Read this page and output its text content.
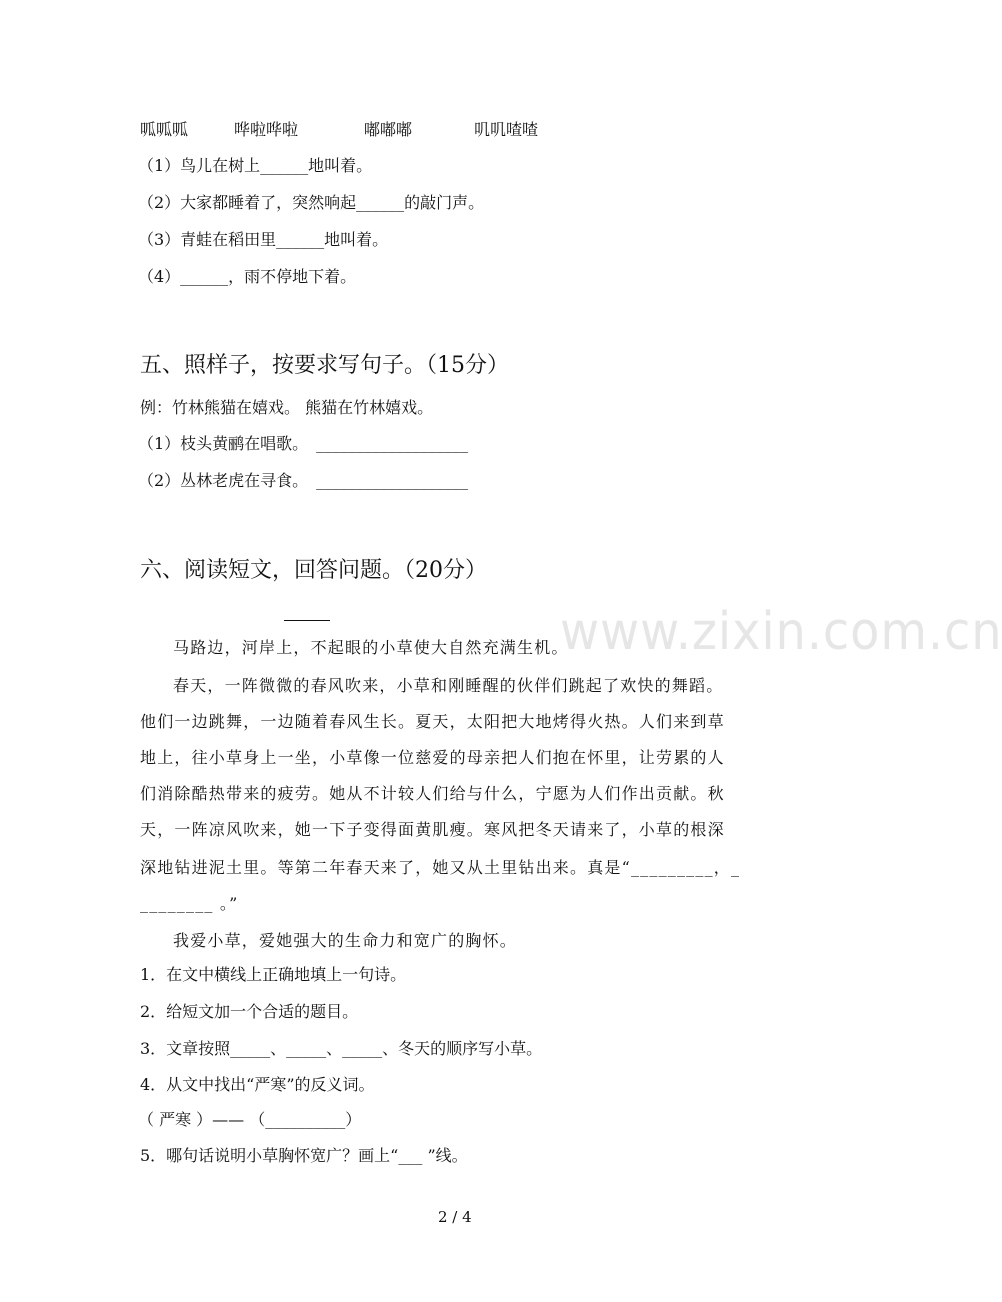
www.zixin.com.cn
呱呱呱	哗啦哗啦	嘟嘟嘟	叽叽喳喳
（1）鸟儿在树上______地叫着。
（2）大家都睡着了，突然响起______的敲门声。
（3）青蛙在稻田里______地叫着。
（4）______，雨不停地下着。
五、照样子，按要求写句子。（15分）
例：竹林熊猫在嬉戏。 熊猫在竹林嬉戏。
（1）枝头黄鹂在唱歌。　___________________
（2）丛林老虎在寻食。　___________________
六、阅读短文，回答问题。（20分）
马路边，河岸上，不起眼的小草使大自然充满生机。
春天，一阵微微的春风吹来，小草和刚睡醒的伙伴们跳起了欢快的舞蹈。
他们一边跳舞，一边随着春风生长。夏天，太阳把大地烤得火热。人们来到草
地上，往小草身上一坐，小草像一位慈爱的母亲把人们抱在怀里，让劳累的人
们消除酷热带来的疲劳。她从不计较人们给与什么，宁愿为人们作出贡献。秋
天，一阵凉风吹来，她一下子变得面黄肌瘦。寒风把冬天请来了，小草的根深
深地钻进泥土里。等第二年春天来了，她又从土里钻出来。真是“_________，_
________ 。”
我爱小草，爱她强大的生命力和宽广的胸怀。
1．在文中横线上正确地填上一句诗。
2．给短文加一个合适的题目。
3．文章按照_____、_____、_____、冬天的顺序写小草。
4．从文中找出“严寒”的反义词。
（ 严寒 ）—— （__________）
5．哪句话说明小草胸怀宽广？画上“___ ”线。
2 / 4
